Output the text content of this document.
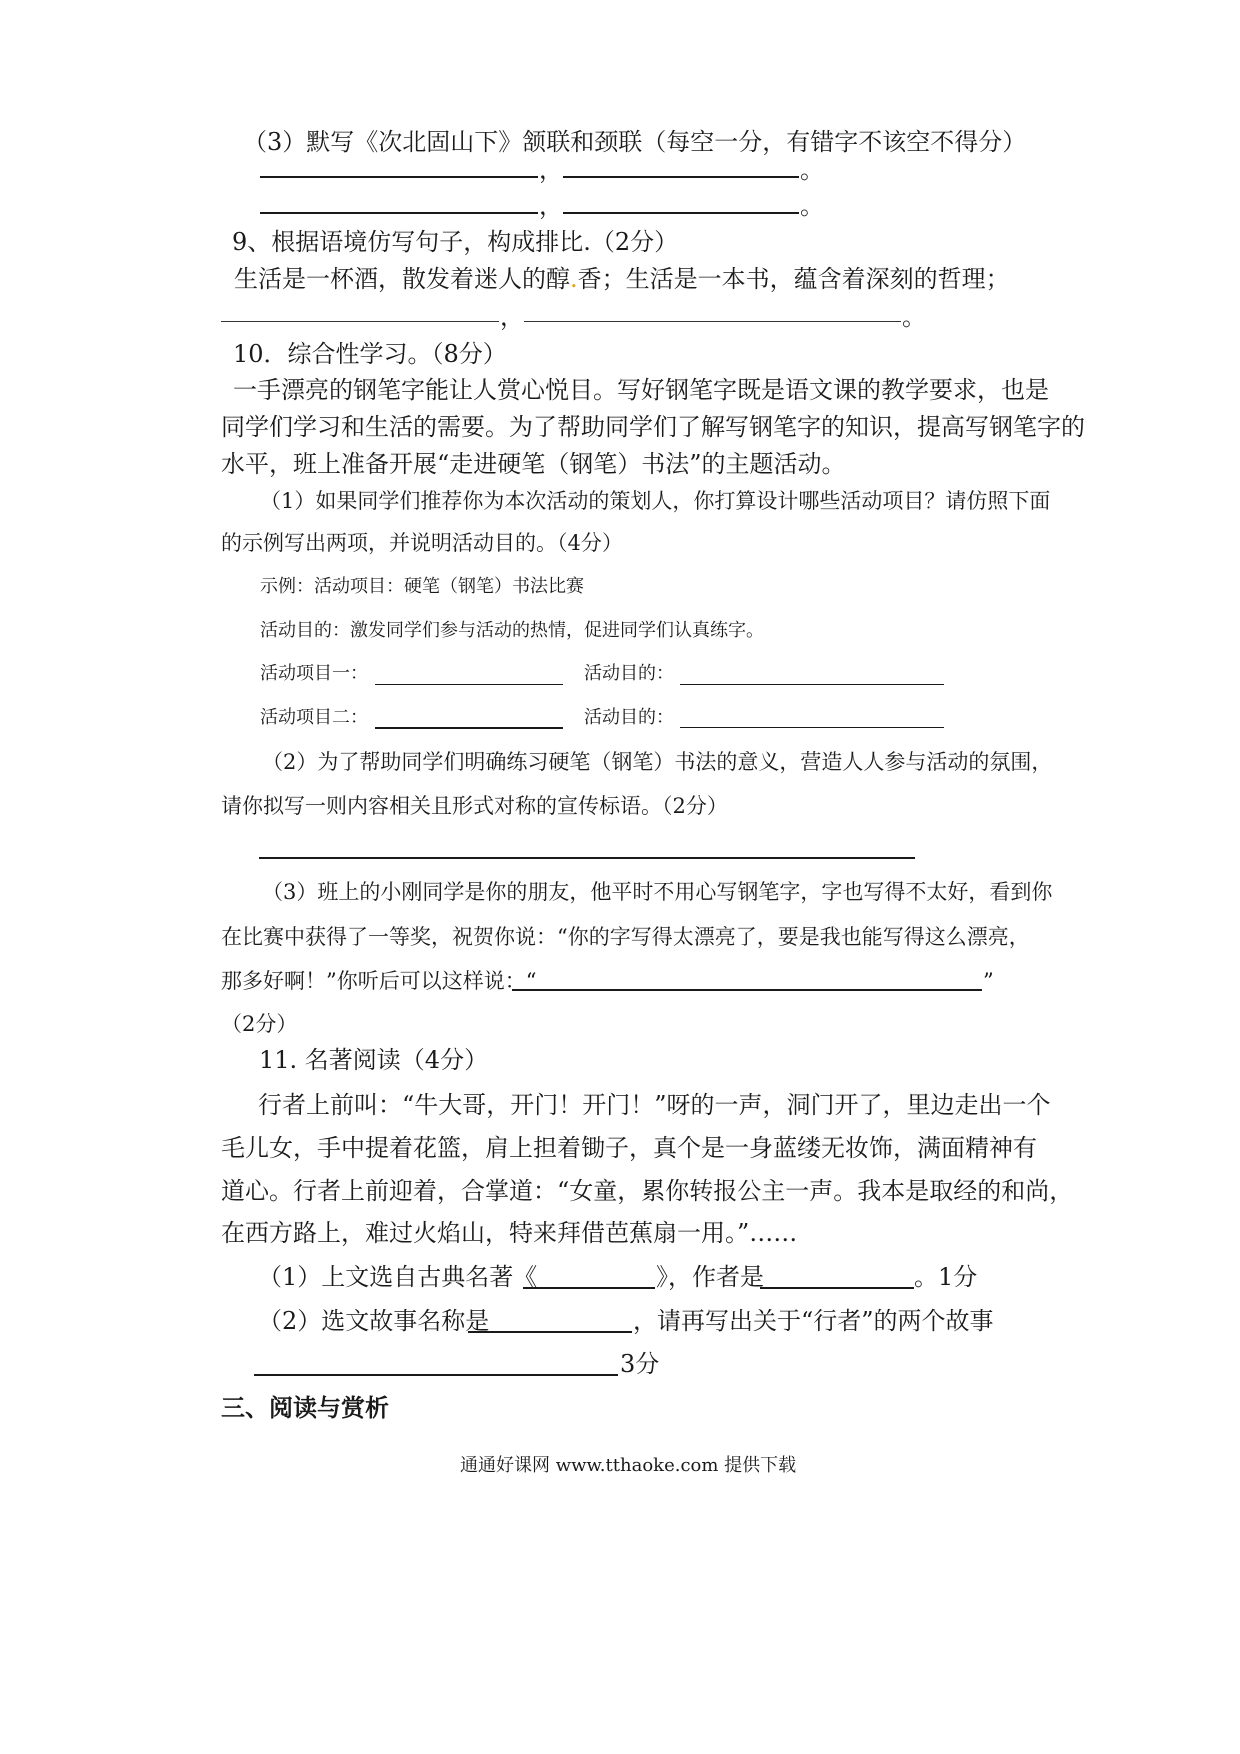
（3）默写《次北固山下》颔联和颈联（每空一分，有错字不该空不得分）
，	。
，	。
9、根据语境仿写句子，构成排比.（2分）
生活是一杯酒，散发着迷人的醇.香；生活是一本书，蕴含着深刻的哲理；
，	。
10．综合性学习。（8分）
一手漂亮的钢笔字能让人赏心悦目。写好钢笔字既是语文课的教学要求，也是
同学们学习和生活的需要。为了帮助同学们了解写钢笔字的知识，提高写钢笔字的
水平，班上准备开展“走进硬笔（钢笔）书法”的主题活动。
（1）如果同学们推荐你为本次活动的策划人，你打算设计哪些活动项目？请仿照下面
的示例写出两项，并说明活动目的。（4分）
示例：活动项目：硬笔（钢笔）书法比赛
活动目的：激发同学们参与活动的热情，促进同学们认真练字。
活动项目一：	活动目的：
活动项目二：	活动目的：
（2）为了帮助同学们明确练习硬笔（钢笔）书法的意义，营造人人参与活动的氛围，
请你拟写一则内容相关且形式对称的宣传标语。（2分）
（3）班上的小刚同学是你的朋友，他平时不用心写钢笔字，字也写得不太好，看到你
在比赛中获得了一等奖，祝贺你说：“你的字写得太漂亮了，要是我也能写得这么漂亮，
那多好啊！”你听后可以这样说：“	”
（2分）
11. 名著阅读（4分）
行者上前叫：“牛大哥，开门！开门！”呀的一声，洞门开了，里边走出一个
毛儿女，手中提着花篮，肩上担着锄子，真个是一身蓝缕无妆饰，满面精神有
道心。行者上前迎着，合掌道：“女童，累你转报公主一声。我本是取经的和尚，
在西方路上，难过火焰山，特来拜借芭蕉扇一用。”……
（1）上文选自古典名著《	》，作者是	。1分
（2）选文故事名称是	，请再写出关于“行者”的两个故事
3分
三、阅读与赏析
通通好课网 www.tthaoke.com 提供下载
